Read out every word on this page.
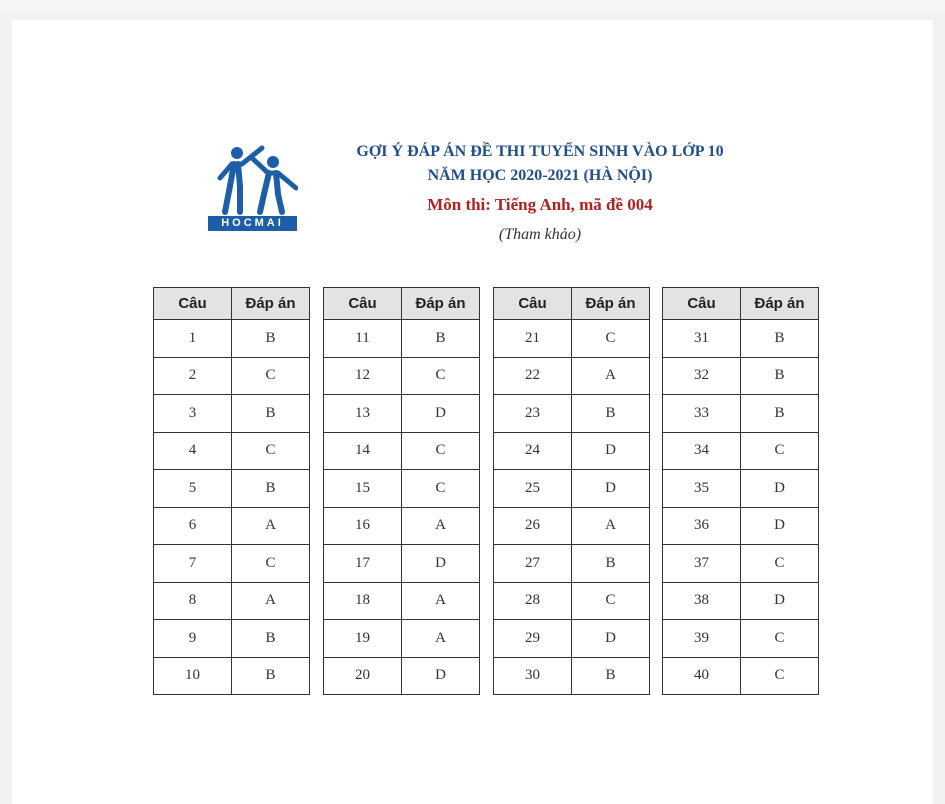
HOCMAI
GỢI Ý ĐÁP ÁN ĐỀ THI TUYỂN SINH VÀO LỚP 10
NĂM HỌC 2020-2021 (HÀ NỘI)
Môn thi: Tiếng Anh, mã đề 004
(Tham khảo)
Câu	Đáp án
1	B
2	C
3	B
4	C
5	B
6	A
7	C
8	A
9	B
10	B
Câu	Đáp án
11	B
12	C
13	D
14	C
15	C
16	A
17	D
18	A
19	A
20	D
Câu	Đáp án
21	C
22	A
23	B
24	D
25	D
26	A
27	B
28	C
29	D
30	B
Câu	Đáp án
31	B
32	B
33	B
34	C
35	D
36	D
37	C
38	D
39	C
40	C
